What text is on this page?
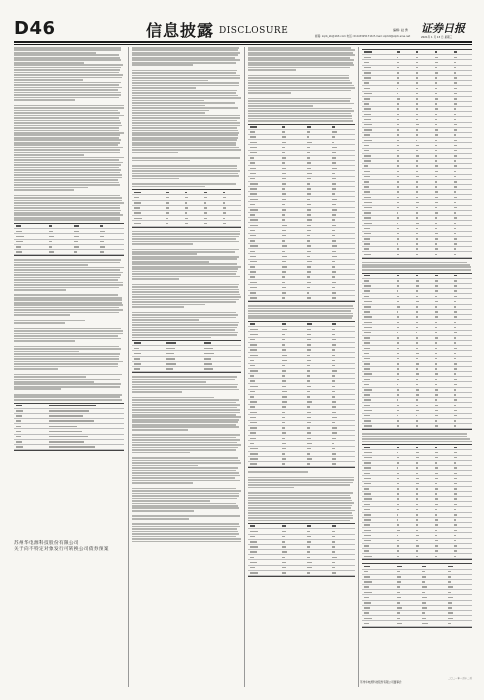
D46	信息披露 DISCLOSURE
邮箱: zqrb_zb@163.com 电话: 010-83251716 E-mail: zqrb9@zqrb.sina.net
编辑: 赵 勇 证券日报
2021年 1 月 13 日 星期三
苏州华电源科技股份有限公司
关于向不特定对象发行可转换公司债券预案
苏州华电源科技股份有限公司董事会
二〇二一年一月十二日
